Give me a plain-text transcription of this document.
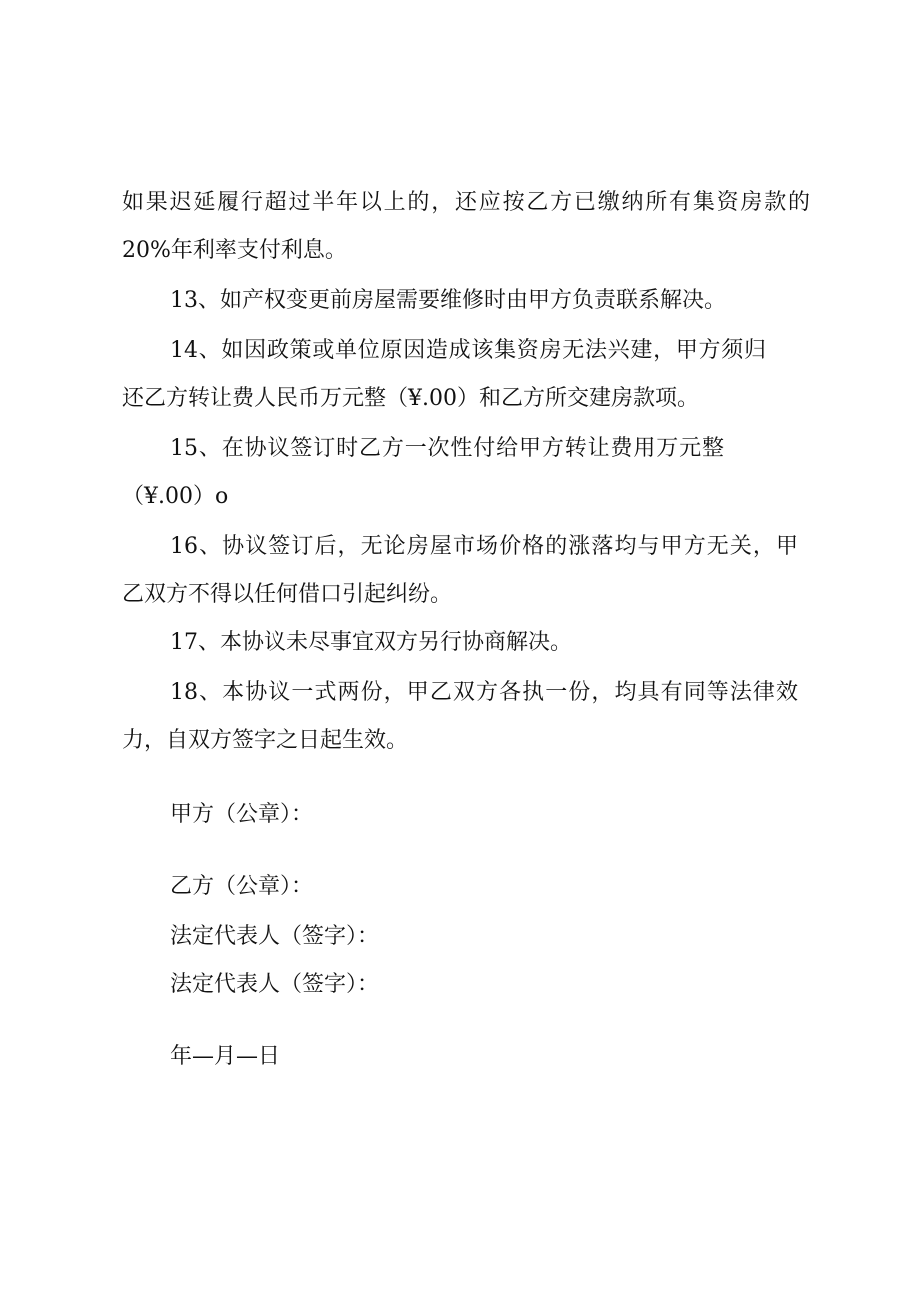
如果迟延履行超过半年以上的，还应按乙方已缴纳所有集资房款的
20%年利率支付利息。
13、如产权变更前房屋需要维修时由甲方负责联系解决。
14、如因政策或单位原因造成该集资房无法兴建，甲方须归
还乙方转让费人民币万元整（¥.00）和乙方所交建房款项。
15、在协议签订时乙方一次性付给甲方转让费用万元整
（¥.00）o
16、协议签订后，无论房屋市场价格的涨落均与甲方无关，甲
乙双方不得以任何借口引起纠纷。
17、本协议未尽事宜双方另行协商解决。
18、本协议一式两份，甲乙双方各执一份，均具有同等法律效
力，自双方签字之日起生效。
甲方（公章）：
乙方（公章）：
法定代表人（签字）：
法定代表人（签字）：
年—月—日
